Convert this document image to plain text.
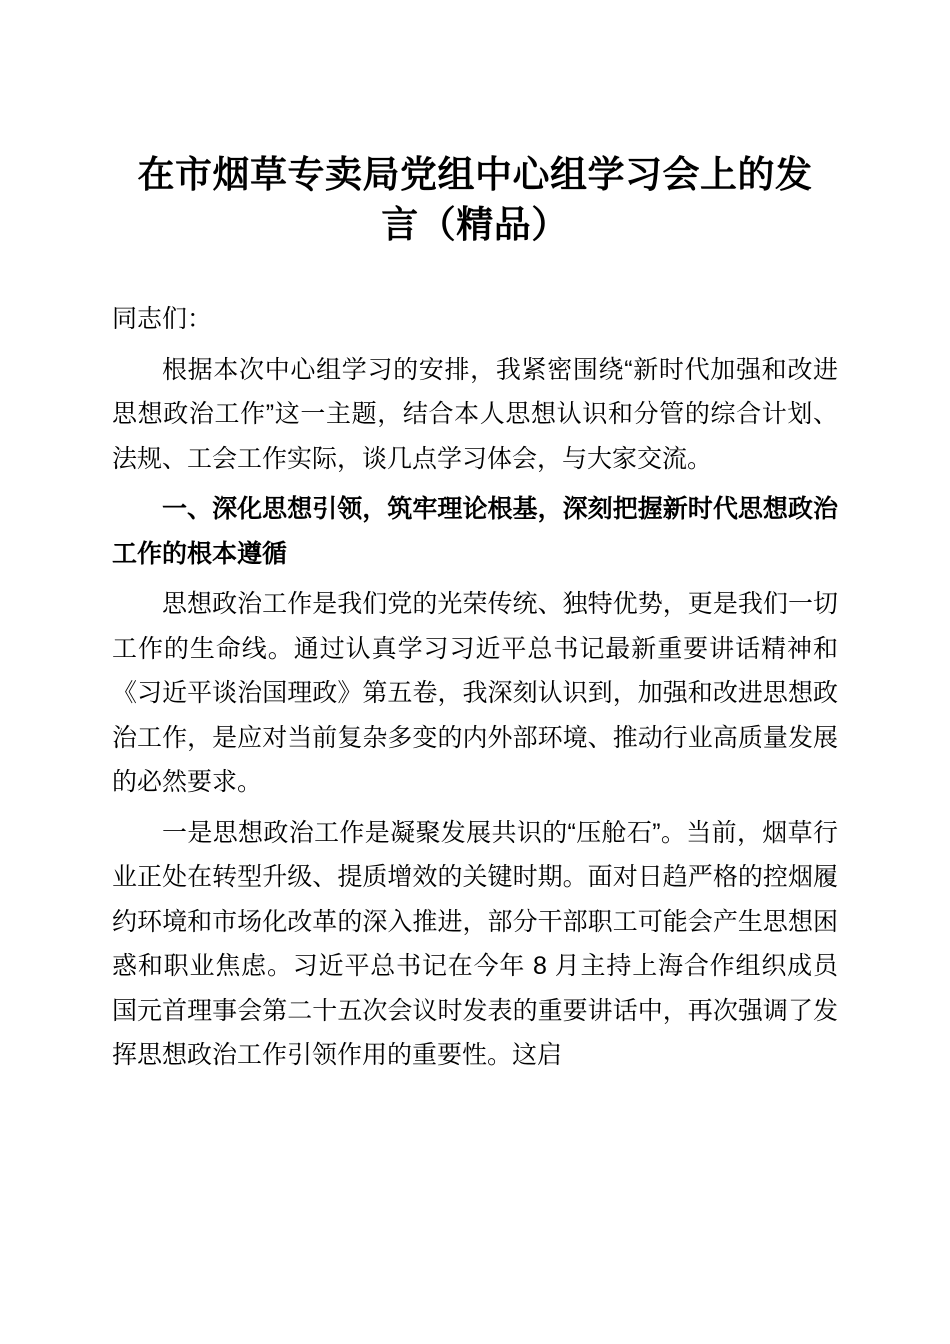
在市烟草专卖局党组中心组学习会上的发言（精品）
同志们：

根据本次中心组学习的安排，我紧密围绕“新时代加强和改进思想政治工作”这一主题，结合本人思想认识和分管的综合计划、法规、工会工作实际，谈几点学习体会，与大家交流。

一、深化思想引领，筑牢理论根基，深刻把握新时代思想政治工作的根本遵循

思想政治工作是我们党的光荣传统、独特优势，更是我们一切工作的生命线。通过认真学习习近平总书记最新重要讲话精神和《习近平谈治国理政》第五卷，我深刻认识到，加强和改进思想政治工作，是应对当前复杂多变的内外部环境、推动行业高质量发展的必然要求。

一是思想政治工作是凝聚发展共识的“压舱石”。当前，烟草行业正处在转型升级、提质增效的关键时期。面对日趋严格的控烟履约环境和市场化改革的深入推进，部分干部职工可能会产生思想困惑和职业焦虑。习近平总书记在今年 8 月主持上海合作组织成员国元首理事会第二十五次会议时发表的重要讲话中，再次强调了发挥思想政治工作引领作用的重要性。这启
